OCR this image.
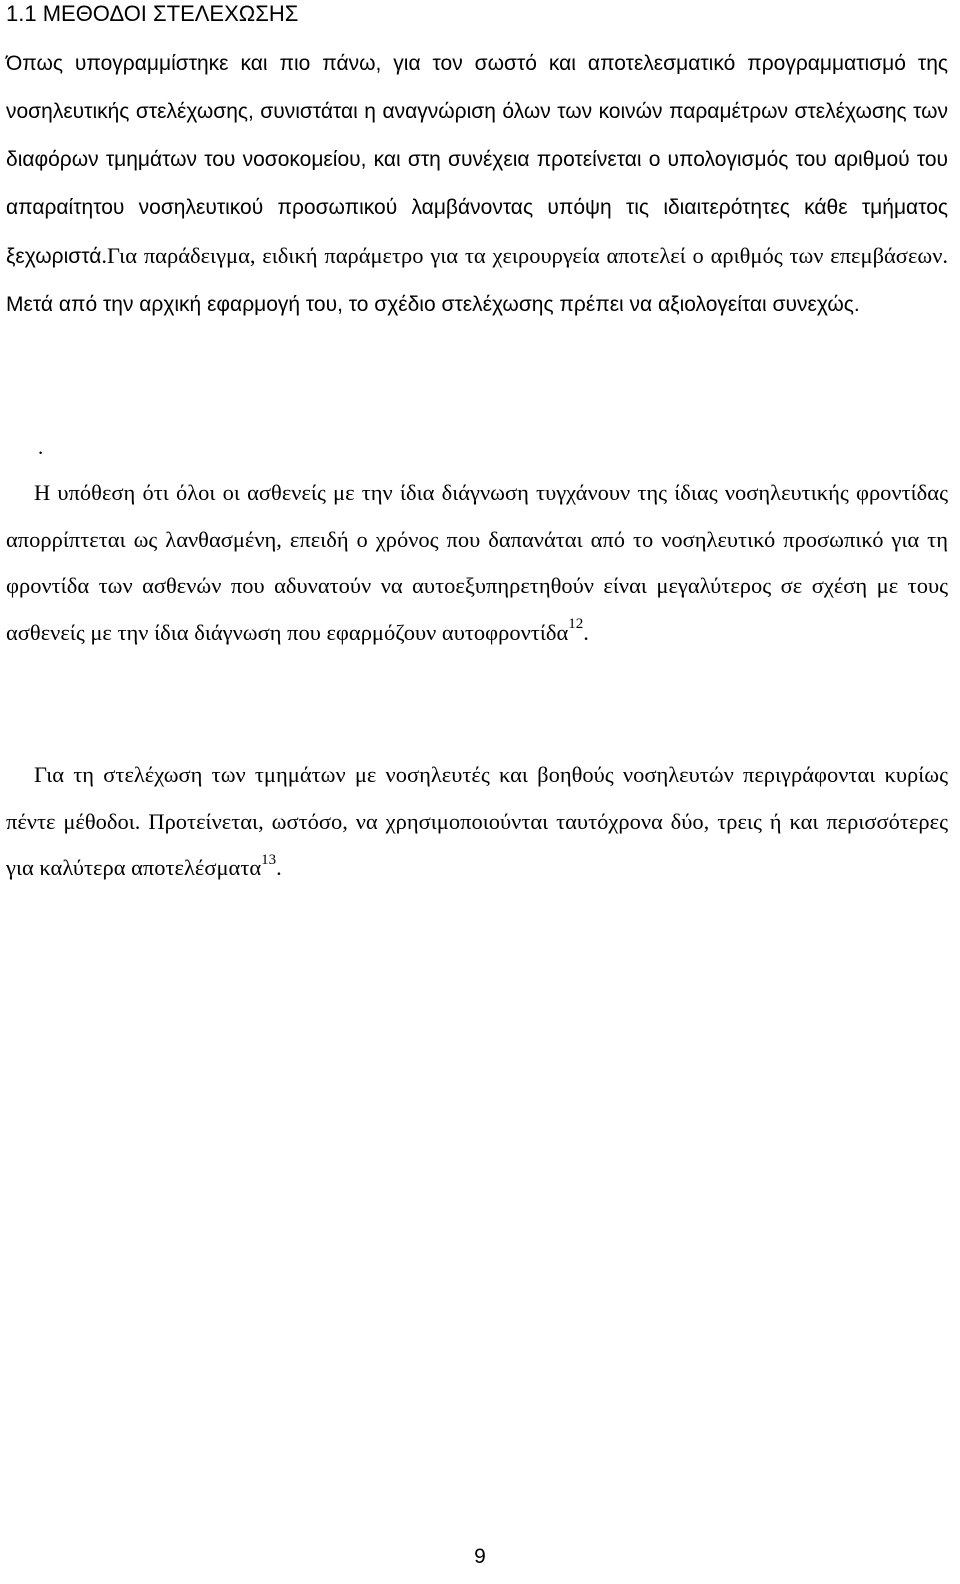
1.1 ΜΕΘΟΔΟΙ ΣΤΕΛΕΧΩΣΗΣ

Όπως υπογραμμίστηκε και πιο πάνω, για τον σωστό και αποτελεσματικό προγραμματισμό της νοσηλευτικής στελέχωσης, συνιστάται η αναγνώριση όλων των κοινών παραμέτρων στελέχωσης των διαφόρων τμημάτων του νοσοκομείου, και στη συνέχεια προτείνεται ο υπολογισμός του αριθμού του απαραίτητου νοσηλευτικού προσωπικού λαμβάνοντας υπόψη τις ιδιαιτερότητες κάθε τμήματος ξεχωριστά.Για παράδειγμα, ειδική παράμετρο για τα χειρουργεία αποτελεί ο αριθμός των επεμβάσεων. Μετά από την αρχική εφαρμογή του, το σχέδιο στελέχωσης πρέπει να αξιολογείται συνεχώς.

.

Η υπόθεση ότι όλοι οι ασθενείς με την ίδια διάγνωση τυγχάνουν της ίδιας νοσηλευτικής φροντίδας απορρίπτεται ως λανθασμένη, επειδή ο χρόνος που δαπανάται από το νοσηλευτικό προσωπικό για τη φροντίδα των ασθενών που αδυνατούν να αυτοεξυπηρετηθούν είναι μεγαλύτερος σε σχέση με τους ασθενείς με την ίδια διάγνωση που εφαρμόζουν αυτοφροντίδα$^{12}$.

Για τη στελέχωση των τμημάτων με νοσηλευτές και βοηθούς νοσηλευτών περιγράφονται κυρίως πέντε μέθοδοι. Προτείνεται, ωστόσο, να χρησιμοποιούνται ταυτόχρονα δύο, τρεις ή και περισσότερες για καλύτερα αποτελέσματα$^{13}$.

9
